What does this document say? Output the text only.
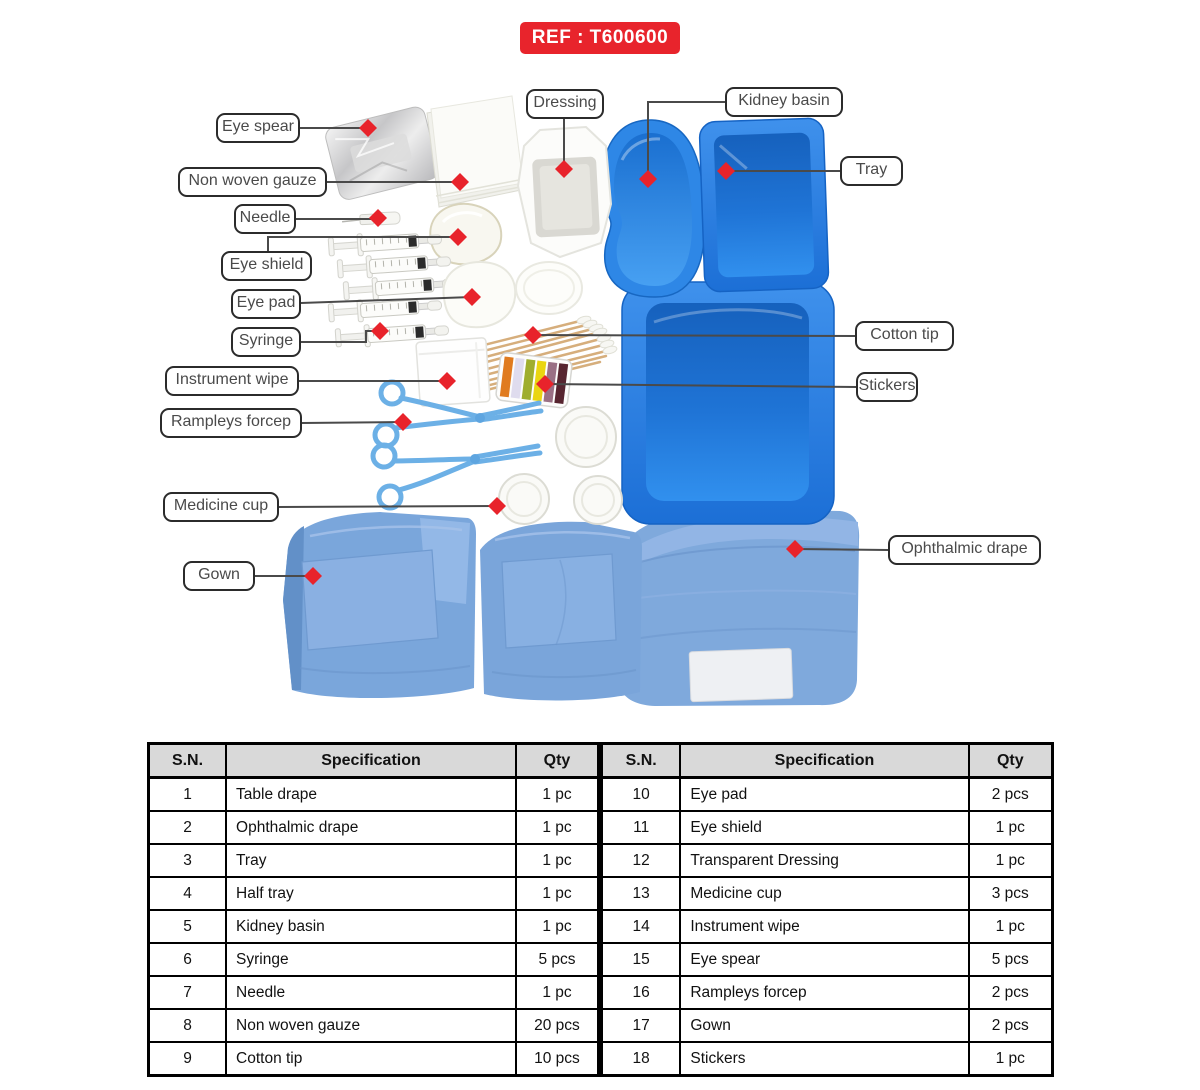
REF : T600600
Eye spear
Non woven gauze
Needle
Eye shield
Eye pad
Syringe
Instrument wipe
Rampleys forcep
Medicine cup
Gown
Dressing	Kidney basin
Tray
Cotton tip
Stickers
Ophthalmic drape
S.N.	Specification	Qty
1	Table drape	1 pc
2	Ophthalmic drape	1 pc
3	Tray	1 pc
4	Half tray	1 pc
5	Kidney basin	1 pc
6	Syringe	5 pcs
7	Needle	1 pc
8	Non woven gauze	20 pcs
9	Cotton tip	10 pcs
S.N.	Specification	Qty
10	Eye pad	2 pcs
11	Eye shield	1 pc
12	Transparent Dressing	1 pc
13	Medicine cup	3 pcs
14	Instrument wipe	1 pc
15	Eye spear	5 pcs
16	Rampleys forcep	2 pcs
17	Gown	2 pcs
18	Stickers	1 pc
